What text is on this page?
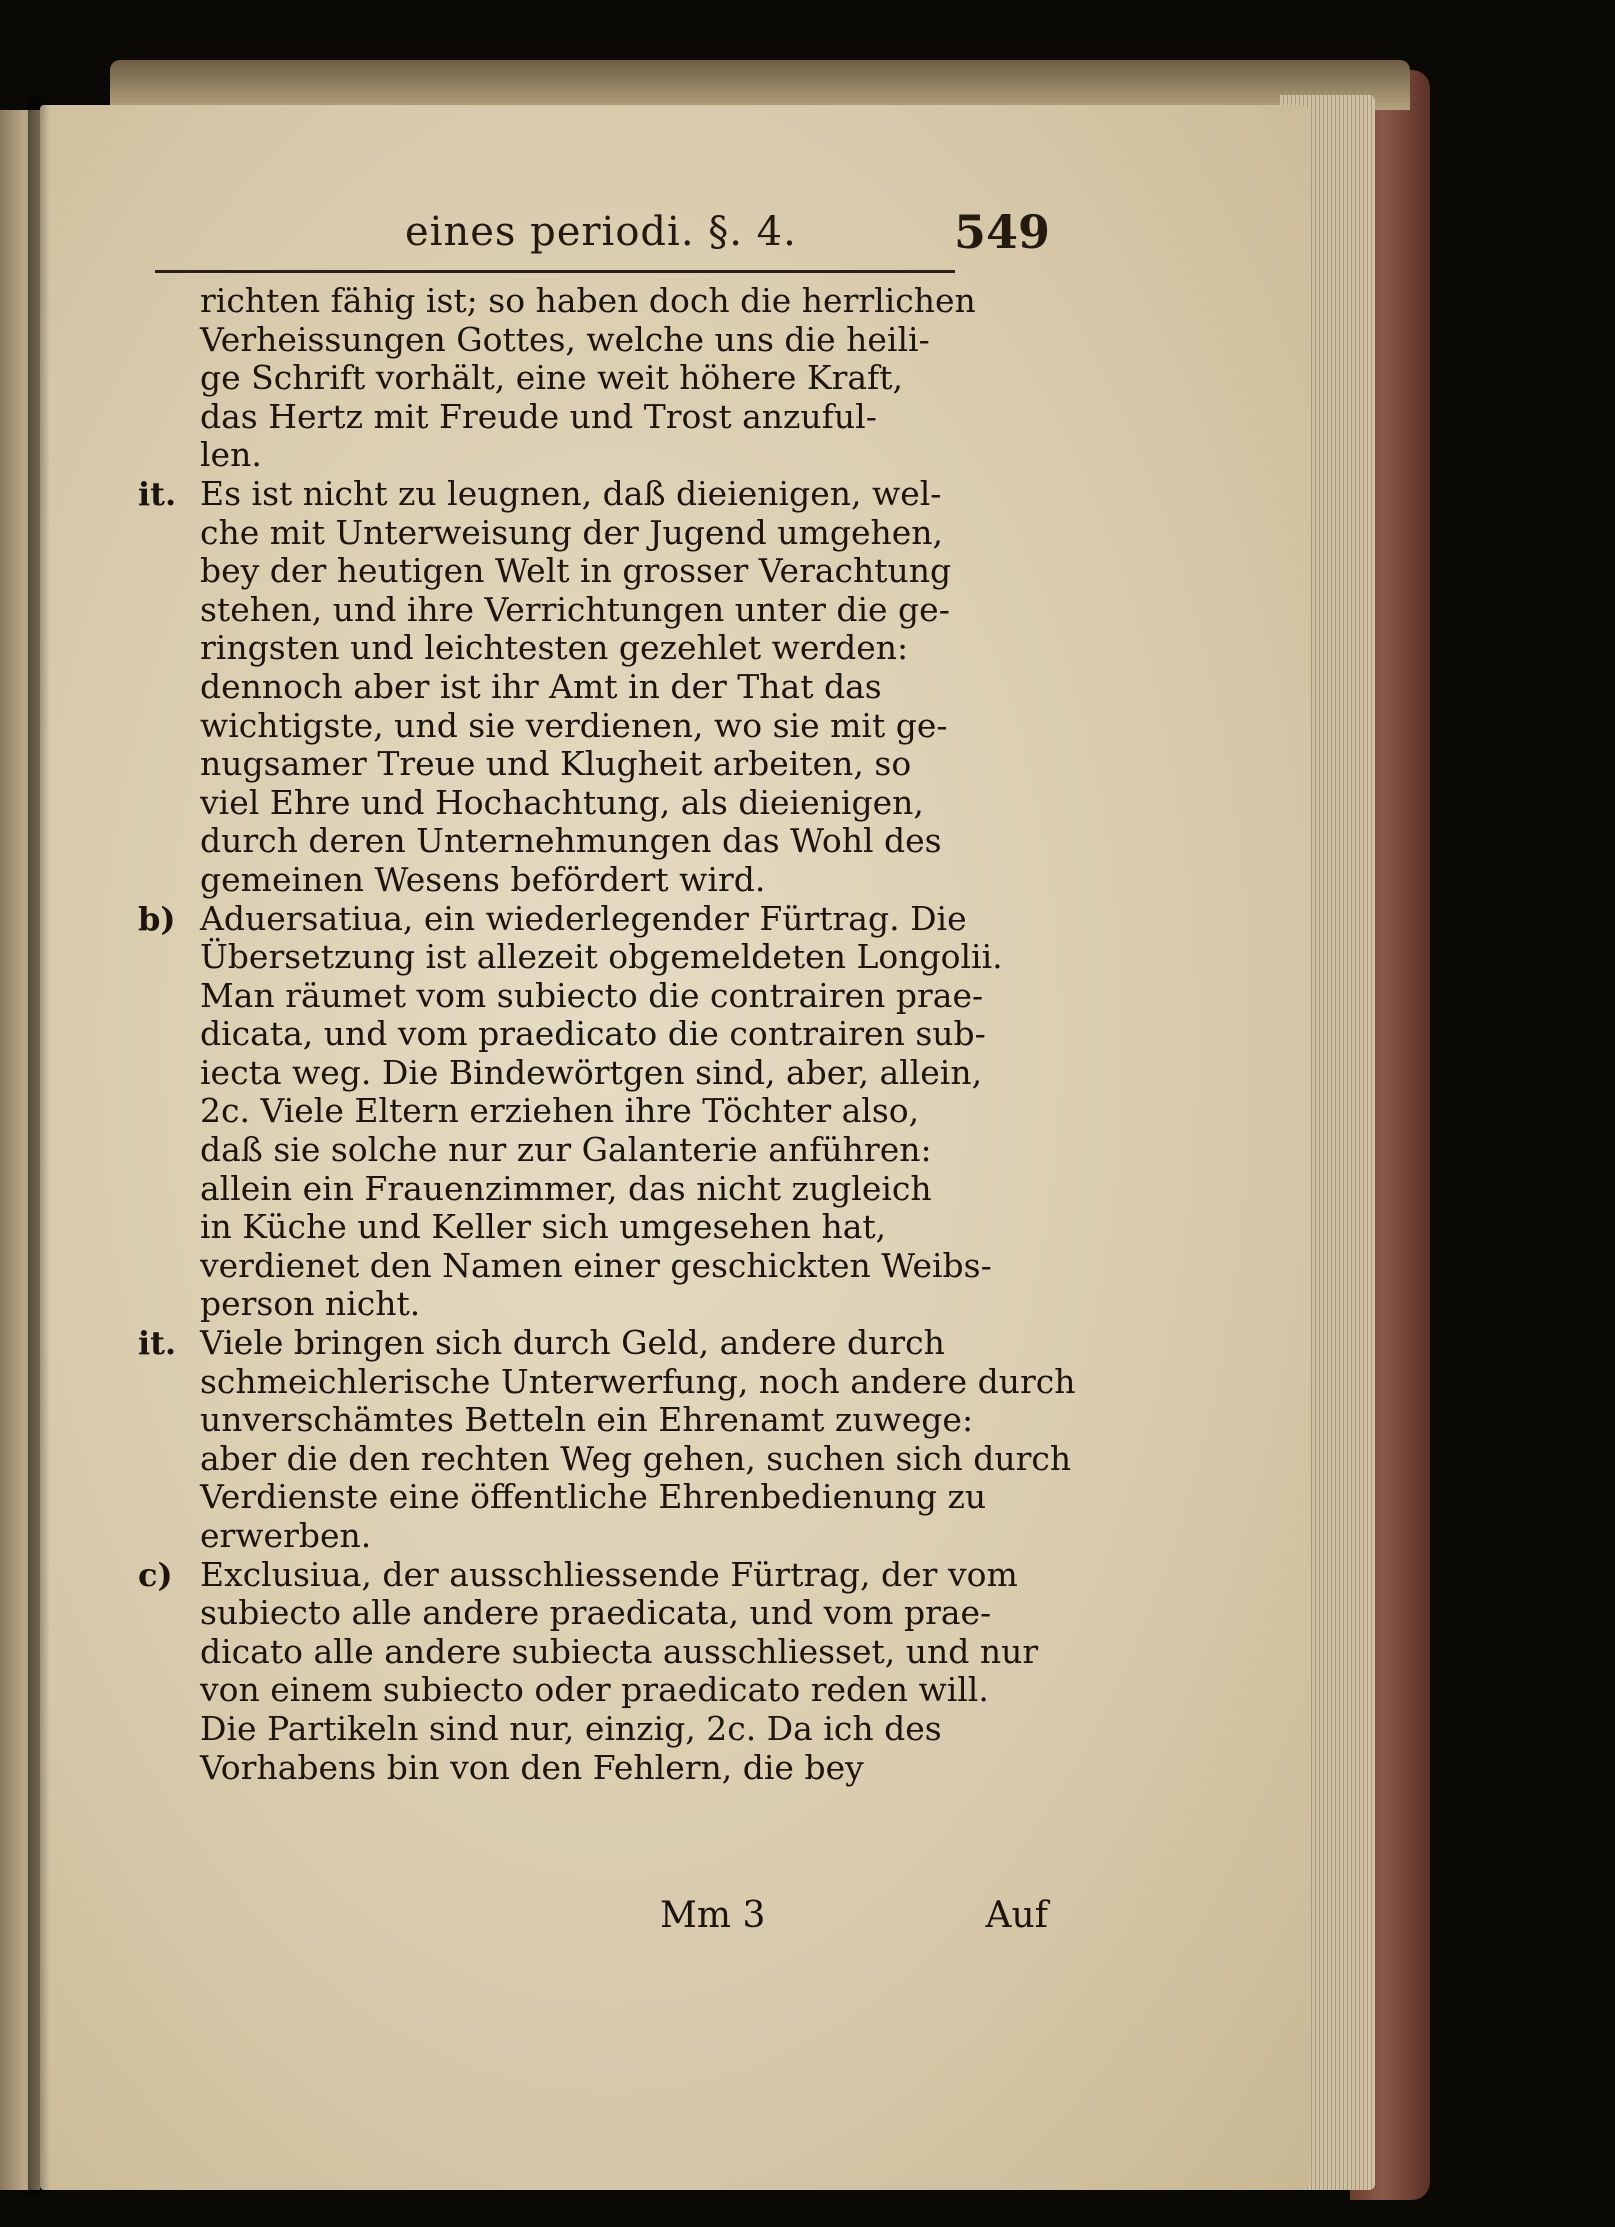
eines periodi. §. 4.	549
richten fähig ist; so haben doch die herrlichen
Verheissungen Gottes, welche uns die heili-
ge Schrift vorhält, eine weit höhere Kraft,
das Hertz mit Freude und Trost anzuful-
len.
it. Es ist nicht zu leugnen, daß dieienigen, wel-
che mit Unterweisung der Jugend umgehen,
bey der heutigen Welt in grosser Verachtung
stehen, und ihre Verrichtungen unter die ge-
ringsten und leichtesten gezehlet werden:
dennoch aber ist ihr Amt in der That das
wichtigste, und sie verdienen, wo sie mit ge-
nugsamer Treue und Klugheit arbeiten, so
viel Ehre und Hochachtung, als dieienigen,
durch deren Unternehmungen das Wohl des
gemeinen Wesens befördert wird.
b) Aduersatiua, ein wiederlegender Fürtrag. Die
Übersetzung ist allezeit obgemeldeten Longolii.
Man räumet vom subiecto die contrairen prae-
dicata, und vom praedicato die contrairen sub-
iecta weg. Die Bindewörtgen sind, aber, allein,
2c. Viele Eltern erziehen ihre Töchter also,
daß sie solche nur zur Galanterie anführen:
allein ein Frauenzimmer, das nicht zugleich
in Küche und Keller sich umgesehen hat,
verdienet den Namen einer geschickten Weibs-
person nicht.
it. Viele bringen sich durch Geld, andere durch
schmeichlerische Unterwerfung, noch andere durch
unverschämtes Betteln ein Ehrenamt zuwege:
aber die den rechten Weg gehen, suchen sich durch
Verdienste eine öffentliche Ehrenbedienung zu
erwerben.
c) Exclusiua, der ausschliessende Fürtrag, der vom
subiecto alle andere praedicata, und vom prae-
dicato alle andere subiecta ausschliesset, und nur
von einem subiecto oder praedicato reden will.
Die Partikeln sind nur, einzig, 2c. Da ich des
Vorhabens bin von den Fehlern, die bey
Mm 3	Auf
